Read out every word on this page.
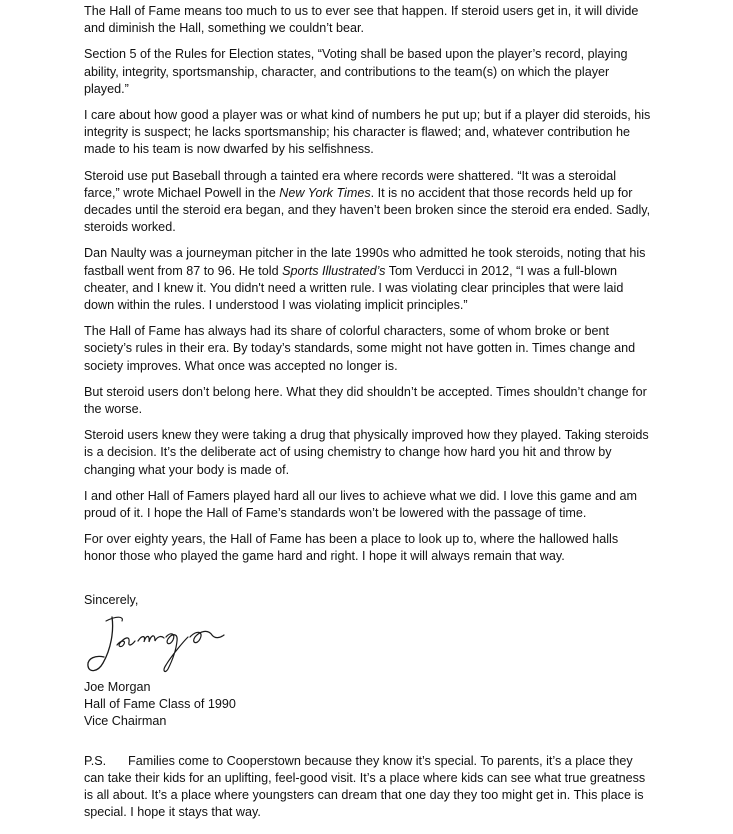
The Hall of Fame means too much to us to ever see that happen. If steroid users get in, it will divide and diminish the Hall, something we couldn’t bear.

Section 5 of the Rules for Election states, “Voting shall be based upon the player’s record, playing ability, integrity, sportsmanship, character, and contributions to the team(s) on which the player played.”

I care about how good a player was or what kind of numbers he put up; but if a player did steroids, his integrity is suspect; he lacks sportsmanship; his character is flawed; and, whatever contribution he made to his team is now dwarfed by his selfishness.

Steroid use put Baseball through a tainted era where records were shattered. “It was a steroidal farce,” wrote Michael Powell in the New York Times. It is no accident that those records held up for decades until the steroid era began, and they haven’t been broken since the steroid era ended. Sadly, steroids worked.

Dan Naulty was a journeyman pitcher in the late 1990s who admitted he took steroids, noting that his fastball went from 87 to 96. He told Sports Illustrated’s Tom Verducci in 2012, “I was a full-blown cheater, and I knew it. You didn't need a written rule. I was violating clear principles that were laid down within the rules. I understood I was violating implicit principles.”

The Hall of Fame has always had its share of colorful characters, some of whom broke or bent society’s rules in their era. By today’s standards, some might not have gotten in. Times change and society improves. What once was accepted no longer is.

But steroid users don’t belong here. What they did shouldn’t be accepted. Times shouldn’t change for the worse.

Steroid users knew they were taking a drug that physically improved how they played. Taking steroids is a decision. It’s the deliberate act of using chemistry to change how hard you hit and throw by changing what your body is made of.

I and other Hall of Famers played hard all our lives to achieve what we did. I love this game and am proud of it. I hope the Hall of Fame’s standards won’t be lowered with the passage of time.

For over eighty years, the Hall of Fame has been a place to look up to, where the hallowed halls honor those who played the game hard and right. I hope it will always remain that way.

Sincerely,

Joe Morgan
Hall of Fame Class of 1990
Vice Chairman

P.S. Families come to Cooperstown because they know it’s special. To parents, it’s a place they can take their kids for an uplifting, feel-good visit. It’s a place where kids can see what true greatness is all about. It’s a place where youngsters can dream that one day they too might get in. This place is special. I hope it stays that way.
